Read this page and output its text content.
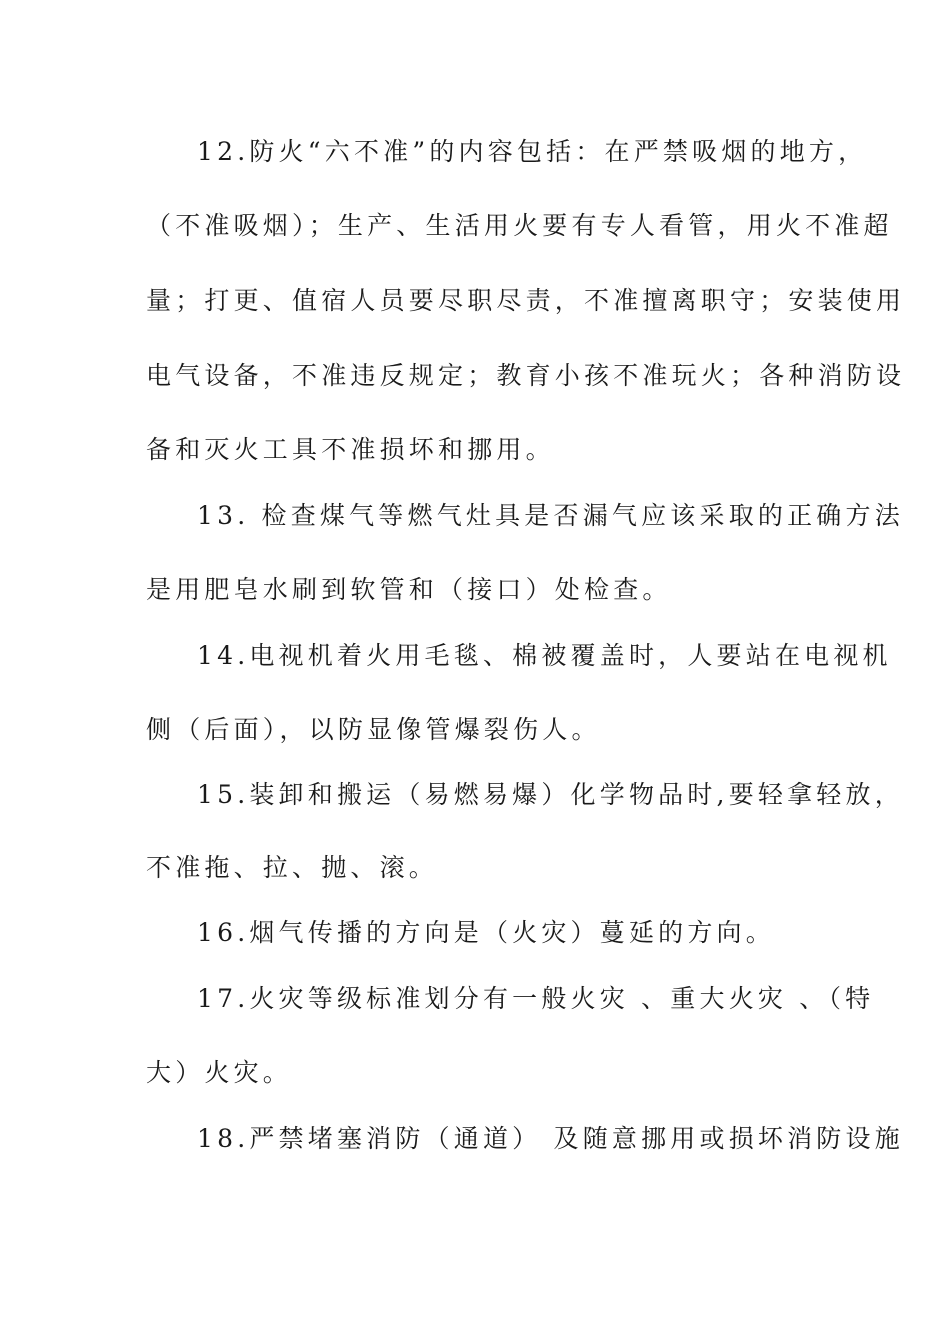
12.防火“六不准”的内容包括：在严禁吸烟的地方，
（不准吸烟）；生产、生活用火要有专人看管，用火不准超
量；打更、值宿人员要尽职尽责，不准擅离职守；安装使用
电气设备，不准违反规定；教育小孩不准玩火；各种消防设
备和灭火工具不准损坏和挪用。
13. 检查煤气等燃气灶具是否漏气应该采取的正确方法
是用肥皂水刷到软管和（接口）处检查。
14.电视机着火用毛毯、棉被覆盖时，人要站在电视机
侧（后面），以防显像管爆裂伤人。
15.装卸和搬运（易燃易爆）化学物品时,要轻拿轻放，
不准拖、拉、抛、滚。
16.烟气传播的方向是（火灾）蔓延的方向。
17.火灾等级标准划分有一般火灾 、重大火灾 、（特
大）火灾。
18.严禁堵塞消防（通道） 及随意挪用或损坏消防设施
